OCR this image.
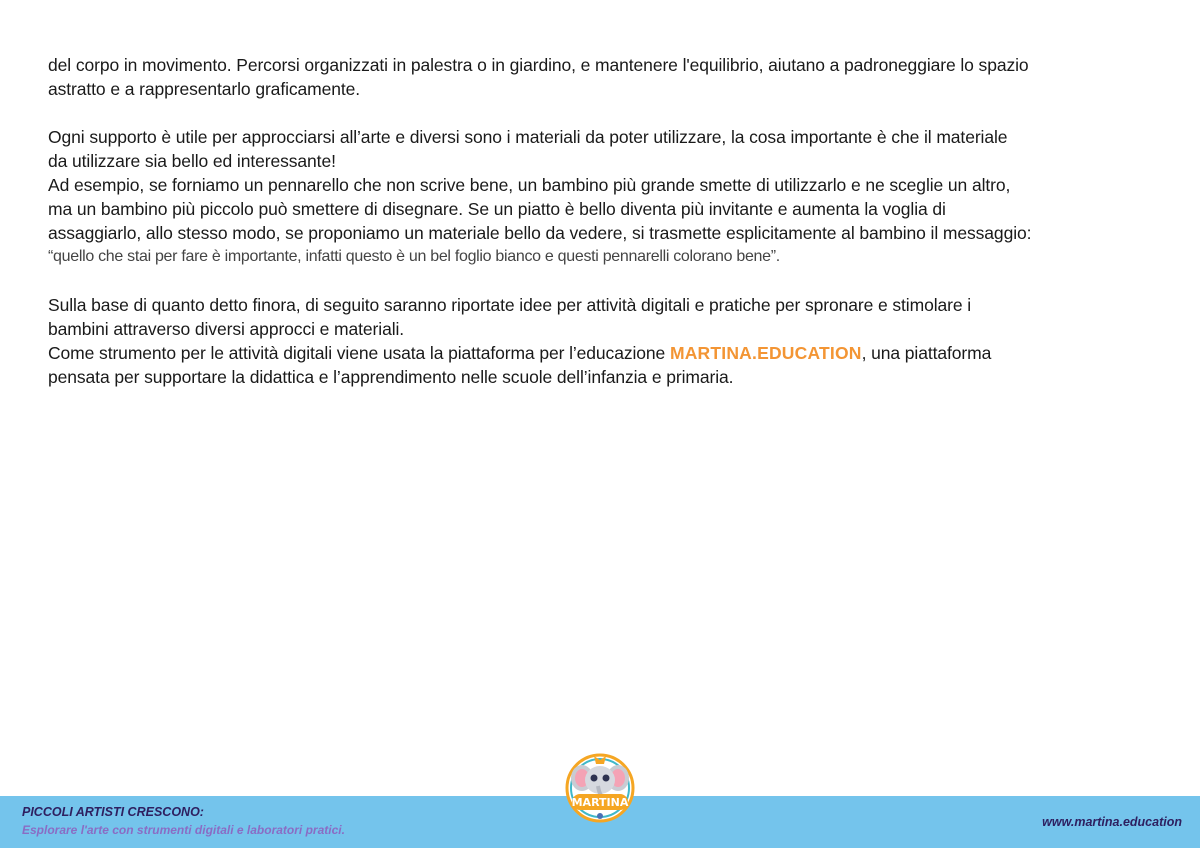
del corpo in movimento. Percorsi organizzati in palestra o in giardino, e mantenere l'equilibrio, aiutano a padroneggiare lo spazio
astratto e a rappresentarlo graficamente.

Ogni supporto è utile per approcciarsi all’arte e diversi sono i materiali da poter utilizzare, la cosa importante è che il materiale
da utilizzare sia bello ed interessante!
Ad esempio, se forniamo un pennarello che non scrive bene, un bambino più grande smette di utilizzarlo e ne sceglie un altro,
ma un bambino più piccolo può smettere di disegnare. Se un piatto è bello diventa più invitante e aumenta la voglia di
assaggiarlo, allo stesso modo, se proponiamo un materiale bello da vedere, si trasmette esplicitamente al bambino il messaggio:
“quello che stai per fare è importante, infatti questo è un bel foglio bianco e questi pennarelli colorano bene”.

Sulla base di quanto detto finora, di seguito saranno riportate idee per attività digitali e pratiche per spronare e stimolare i
bambini attraverso diversi approcci e materiali.
Come strumento per le attività digitali viene usata la piattaforma per l’educazione MARTINA.EDUCATION, una piattaforma
pensata per supportare la didattica e l’apprendimento nelle scuole dell’infanzia e primaria.

PICCOLI ARTISTI CRESCONO:
Esplorare l'arte con strumenti digitali e laboratori pratici.
www.martina.education
MARTINA
